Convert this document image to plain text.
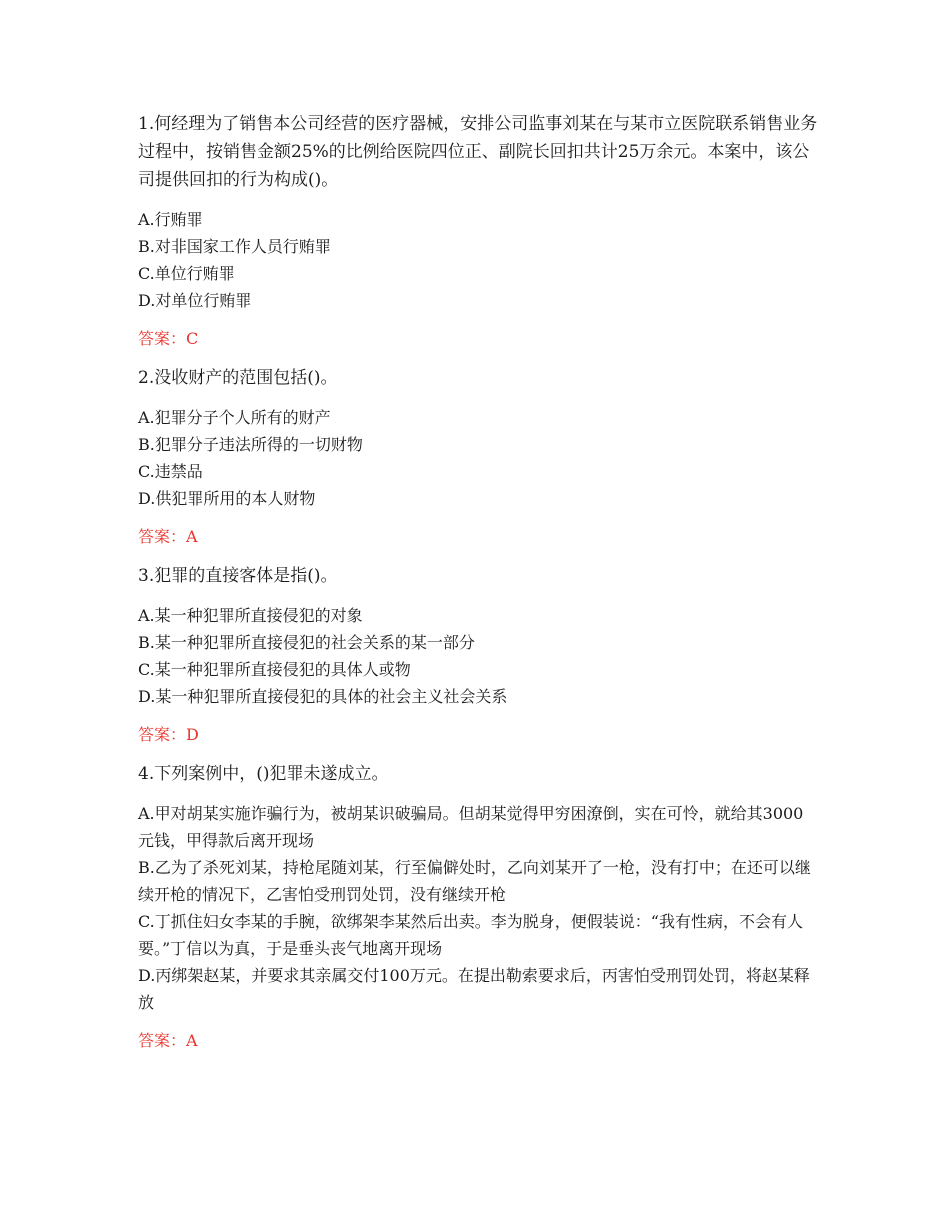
1.何经理为了销售本公司经营的医疗器械，安排公司监事刘某在与某市立医院联系销售业务过程中，按销售金额25%的比例给医院四位正、副院长回扣共计25万余元。本案中，该公司提供回扣的行为构成()。

A.行贿罪
B.对非国家工作人员行贿罪
C.单位行贿罪
D.对单位行贿罪

答案：C

2.没收财产的范围包括()。

A.犯罪分子个人所有的财产
B.犯罪分子违法所得的一切财物
C.违禁品
D.供犯罪所用的本人财物

答案：A

3.犯罪的直接客体是指()。

A.某一种犯罪所直接侵犯的对象
B.某一种犯罪所直接侵犯的社会关系的某一部分
C.某一种犯罪所直接侵犯的具体人或物
D.某一种犯罪所直接侵犯的具体的社会主义社会关系

答案：D

4.下列案例中，()犯罪未遂成立。

A.甲对胡某实施诈骗行为，被胡某识破骗局。但胡某觉得甲穷困潦倒，实在可怜，就给其3000元钱，甲得款后离开现场
B.乙为了杀死刘某，持枪尾随刘某，行至偏僻处时，乙向刘某开了一枪，没有打中；在还可以继续开枪的情况下，乙害怕受刑罚处罚，没有继续开枪
C.丁抓住妇女李某的手腕，欲绑架李某然后出卖。李为脱身，便假装说：“我有性病，不会有人要。”丁信以为真，于是垂头丧气地离开现场
D.丙绑架赵某，并要求其亲属交付100万元。在提出勒索要求后，丙害怕受刑罚处罚，将赵某释放

答案：A
